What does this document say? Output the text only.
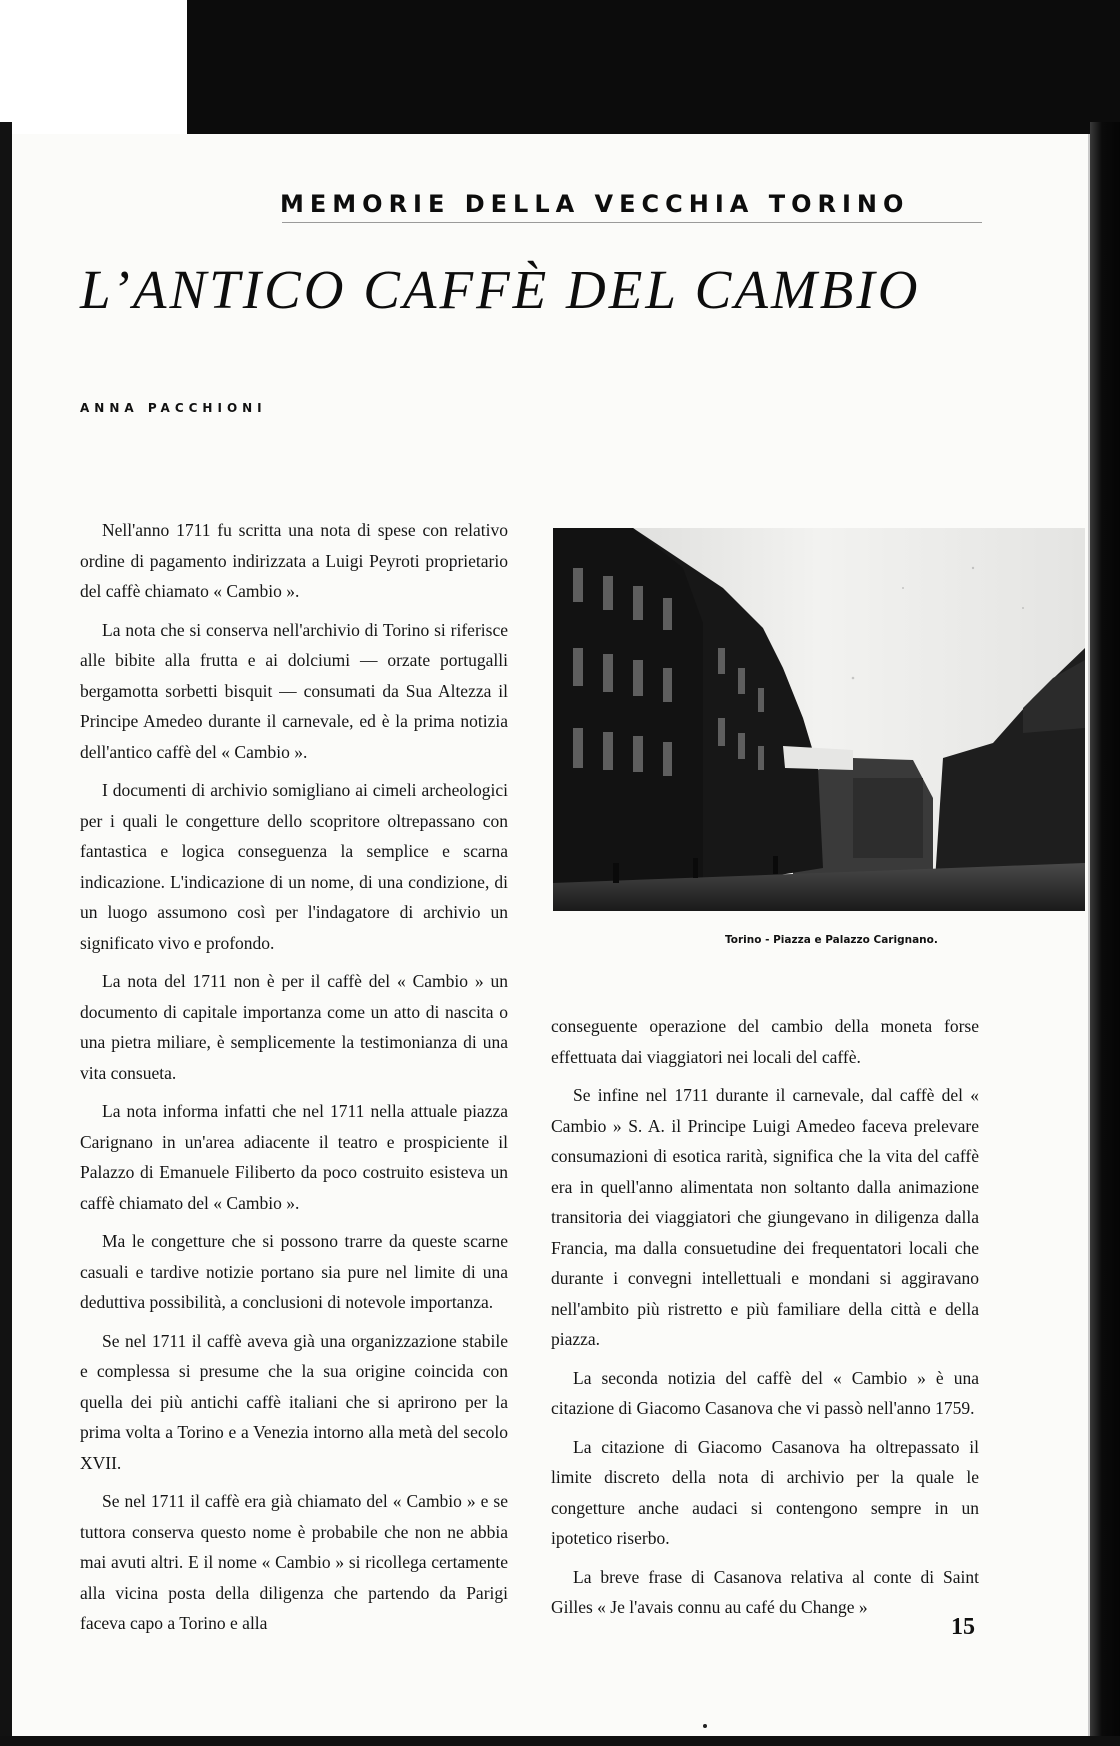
MEMORIE DELLA VECCHIA TORINO
L’ANTICO CAFFÈ DEL CAMBIO
ANNA PACCHIONI

Nell'anno 1711 fu scritta una nota di spese con relativo ordine di pagamento indirizzata a Luigi Peyroti proprietario del caffè chiamato « Cambio ».

La nota che si conserva nell'archivio di Torino si riferisce alle bibite alla frutta e ai dolciumi — orzate portugalli bergamotta sorbetti bisquit — consumati da Sua Altezza il Principe Amedeo durante il carnevale, ed è la prima notizia dell'antico caffè del « Cambio ».

I documenti di archivio somigliano ai cimeli archeologici per i quali le congetture dello scopritore oltrepassano con fantastica e logica conseguenza la semplice e scarna indicazione. L'indicazione di un nome, di una condizione, di un luogo assumono così per l'indagatore di archivio un significato vivo e profondo.

La nota del 1711 non è per il caffè del « Cambio » un documento di capitale importanza come un atto di nascita o una pietra miliare, è semplicemente la testimonianza di una vita consueta.

La nota informa infatti che nel 1711 nella attuale piazza Carignano in un'area adiacente il teatro e prospiciente il Palazzo di Emanuele Filiberto da poco costruito esisteva un caffè chiamato del « Cambio ».

Ma le congetture che si possono trarre da queste scarne casuali e tardive notizie portano sia pure nel limite di una deduttiva possibilità, a conclusioni di notevole importanza.

Se nel 1711 il caffè aveva già una organizzazione stabile e complessa si presume che la sua origine coincida con quella dei più antichi caffè italiani che si aprirono per la prima volta a Torino e a Venezia intorno alla metà del secolo XVII.

Se nel 1711 il caffè era già chiamato del « Cambio » e se tuttora conserva questo nome è probabile che non ne abbia mai avuti altri. E il nome « Cambio » si ricollega certamente alla vicina posta della diligenza che partendo da Parigi faceva capo a Torino e alla

Torino - Piazza e Palazzo Carignano.

conseguente operazione del cambio della moneta forse effettuata dai viaggiatori nei locali del caffè.

Se infine nel 1711 durante il carnevale, dal caffè del « Cambio » S. A. il Principe Luigi Amedeo faceva prelevare consumazioni di esotica rarità, significa che la vita del caffè era in quell'anno alimentata non soltanto dalla animazione transitoria dei viaggiatori che giungevano in diligenza dalla Francia, ma dalla consuetudine dei frequentatori locali che durante i convegni intellettuali e mondani si aggiravano nell'ambito più ristretto e più familiare della città e della piazza.

La seconda notizia del caffè del « Cambio » è una citazione di Giacomo Casanova che vi passò nell'anno 1759.

La citazione di Giacomo Casanova ha oltrepassato il limite discreto della nota di archivio per la quale le congetture anche audaci si contengono sempre in un ipotetico riserbo.

La breve frase di Casanova relativa al conte di Saint Gilles « Je l'avais connu au café du Change »

15
